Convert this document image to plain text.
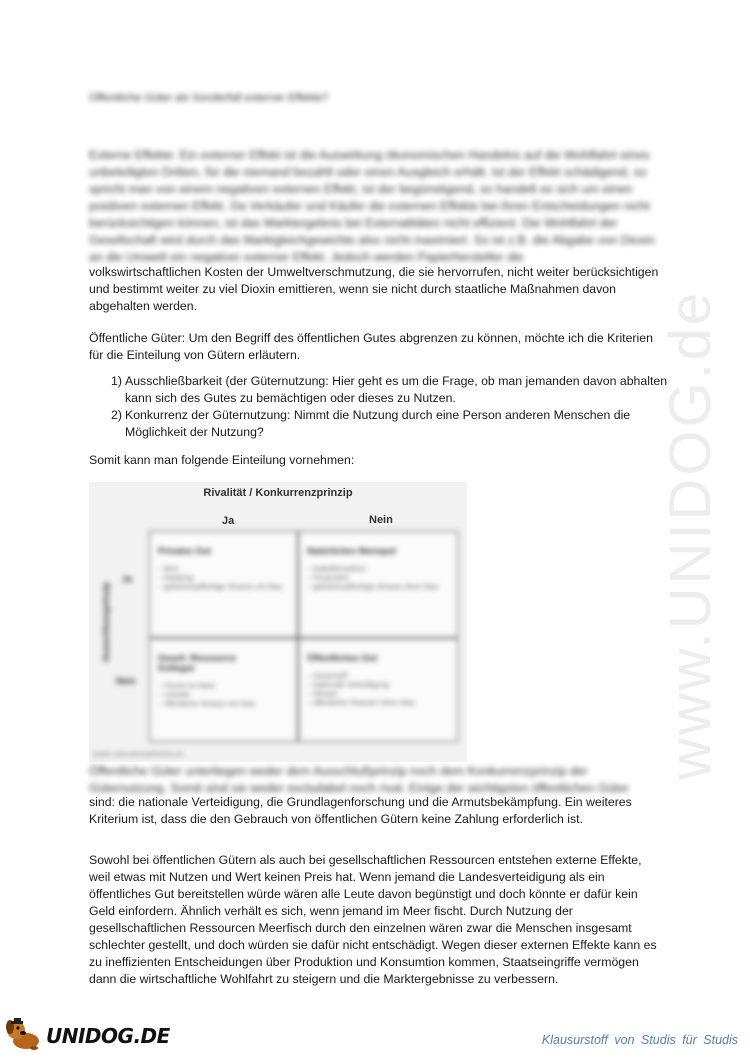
Öffentliche Güter als Sonderfall externer Effekte?

Externe Effekte: Ein externer Effekt ist die Auswirkung ökonomischen Handelns auf die Wohlfahrt eines unbeteiligten Dritten, für die niemand bezahlt oder einen Ausgleich erhält. Ist der Effekt schädigend, so spricht man von einem negativen externen Effekt, ist der begünstigend, so handelt es sich um einen positiven externen Effekt. Da Verkäufer und Käufer die externen Effekte bei ihren Entscheidungen nicht berücksichtigen können, ist das Marktergebnis bei Externalitäten nicht effizient. Die Wohlfahrt der Gesellschaft wird durch das Marktgleichgewichte also nicht maximiert. So ist z.B. die Abgabe von Dioxin an die Umwelt ein negativer externer Effekt. Jedoch werden Papierhersteller die

volkswirtschaftlichen Kosten der Umweltverschmutzung, die sie hervorrufen, nicht weiter berücksichtigen und bestimmt weiter zu viel Dioxin emittieren, wenn sie nicht durch staatliche Maßnahmen davon abgehalten werden.

Öffentliche Güter: Um den Begriff des öffentlichen Gutes abgrenzen zu können, möchte ich die Kriterien für die Einteilung von Gütern erläutern.

1) Ausschließbarkeit (der Güternutzung: Hier geht es um die Frage, ob man jemanden davon abhalten kann sich des Gutes zu bemächtigen oder dieses zu Nutzen.
2) Konkurrenz der Güternutzung: Nimmt die Nutzung durch eine Person anderen Menschen die Möglichkeit der Nutzung?

Somit kann man folgende Einteilung vornehmen:

Rivalität / Konkurrenzprinzip
Ja	Nein
Ausschlussprinzip
Ja
Nein
Privates Gut
– Brot
– Kleidung
– gebührenpflichtige Strasse mit Stau
Natürliches Monopol
– Kabelfernsehen
– Feuerwehr
– gebührenpflichtige Strasse ohne Stau
Gesell. Ressource
Kollegut
– Fische im Meer
– Umwelt
– öffentliche Strasse mit Stau
Öffentliches Gut
– Sauerstoff
– Nationale Verteidigung
– Wissen
– öffentliche Strassen ohne Stau
Quelle: www.wirtschaftslexikon.de

Öffentliche Güter unterliegen weder dem Ausschlußprinzip noch dem Konkurrenzprinzip der Güternutzung. Somit sind sie weder excludabel noch rival. Einige der wichtigsten öffentlichen Güter

sind: die nationale Verteidigung, die Grundlagenforschung und die Armutsbekämpfung. Ein weiteres Kriterium ist, dass die den Gebrauch von öffentlichen Gütern keine Zahlung erforderlich ist.

Sowohl bei öffentlichen Gütern als auch bei gesellschaftlichen Ressourcen entstehen externe Effekte, weil etwas mit Nutzen und Wert keinen Preis hat. Wenn jemand die Landesverteidigung als ein öffentliches Gut bereitstellen würde wären alle Leute davon begünstigt und doch könnte er dafür kein Geld einfordern. Ähnlich verhält es sich, wenn jemand im Meer fischt. Durch Nutzung der gesellschaftlichen Ressourcen Meerfisch durch den einzelnen wären zwar die Menschen insgesamt schlechter gestellt, und doch würden sie dafür nicht entschädigt. Wegen dieser externen Effekte kann es zu ineffizienten Entscheidungen über Produktion und Konsumtion kommen, Staatseingriffe vermögen dann die wirtschaftliche Wohlfahrt zu steigern und die Marktergebnisse zu verbessern.

www.UNIDOG.de
UNIDOG.DE	Klausurstoff von Studis für Studis
